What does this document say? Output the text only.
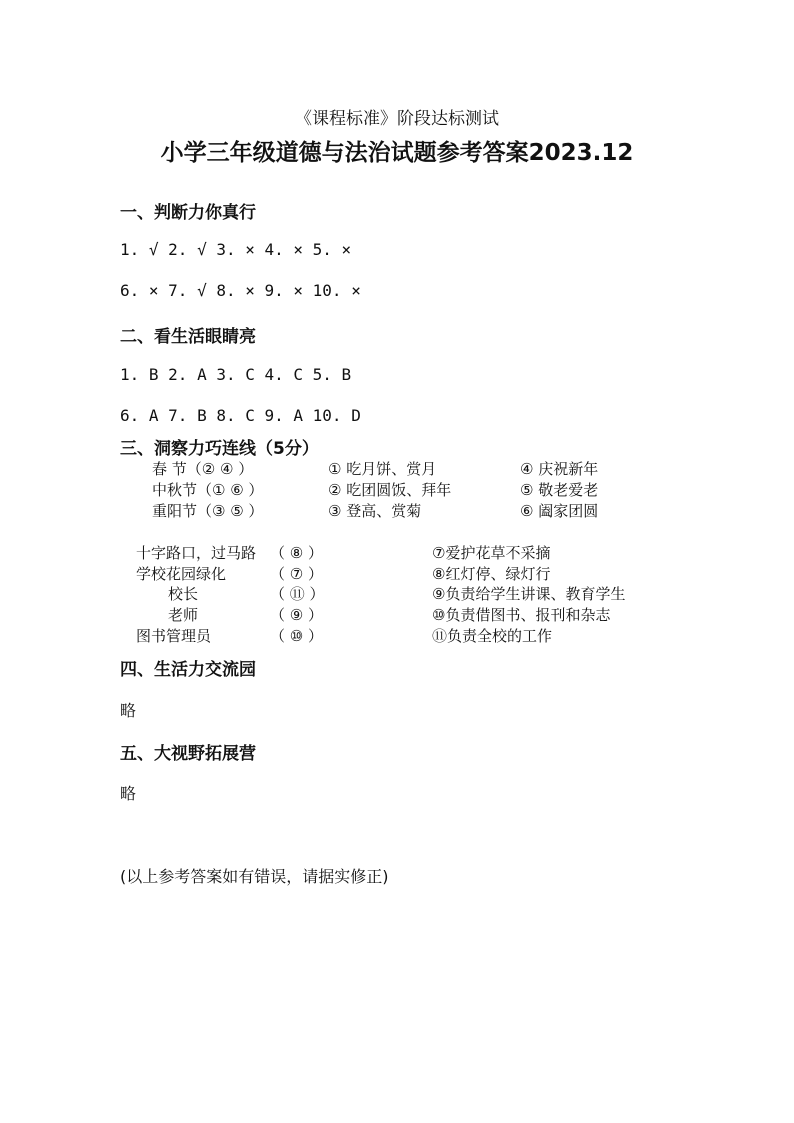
《课程标准》阶段达标测试
小学三年级道德与法治试题参考答案2023.12
一、判断力你真行
1. √ 2. √ 3. × 4. × 5. ×
6. × 7. √ 8. × 9. × 10. ×
二、看生活眼睛亮
1. B 2. A 3. C 4. C 5. B
6. A 7. B 8. C 9. A 10. D
三、洞察力巧连线（5分）
春 节（② ④ ）	① 吃月饼、赏月	④ 庆祝新年
中秋节（① ⑥ ）	② 吃团圆饭、拜年	⑤ 敬老爱老
重阳节（③ ⑤ ）	③ 登高、赏菊	⑥ 阖家团圆
十字路口，过马路 （ ⑧ ）	⑦爱护花草不采摘
学校花园绿化	（ ⑦ ）	⑧红灯停、绿灯行
校长	（ ⑪ ）	⑨负责给学生讲课、教育学生
老师	（ ⑨ ）	⑩负责借图书、报刊和杂志
图书管理员	（ ⑩ ）	⑪负责全校的工作
四、生活力交流园
略
五、大视野拓展营
略
(以上参考答案如有错误，请据实修正)
